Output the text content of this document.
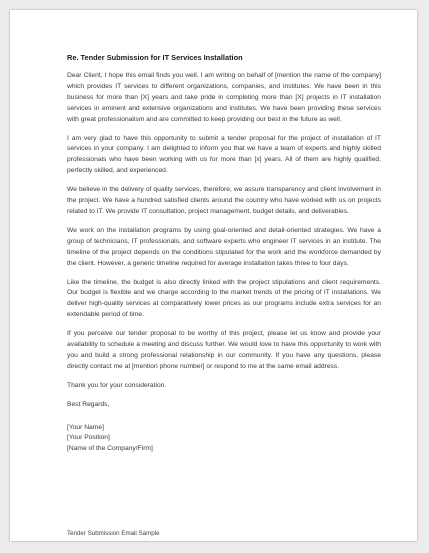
Re. Tender Submission for IT Services Installation

Dear Client, I hope this email finds you well. I am writing on behalf of [mention the name of the company] which provides IT services to different organizations, companies, and institutes. We have been in this business for more than [X] years and take pride in completing more than [X] projects in IT installation services in eminent and extensive organizations and institutes. We have been providing these services with great professionalism and are committed to keep providing our best in the future as well.

I am very glad to have this opportunity to submit a tender proposal for the project of installation of IT services in your company. I am delighted to inform you that we have a team of experts and highly skilled professionals who have been working with us for more than [x] years. All of them are highly qualified, perfectly skilled, and experienced.

We believe in the delivery of quality services, therefore, we assure transparency and client involvement in the project. We have a hundred satisfied clients around the country who have worked with us on projects related to IT. We provide IT consultation, project management, budget details, and deliverables.

We work on the installation programs by using goal-oriented and detail-oriented strategies. We have a group of technicians, IT professionals, and software experts who engineer IT services in an institute. The timeline of the project depends on the conditions stipulated for the work and the workforce demanded by the client. However, a generic timeline required for average installation takes three to four days.

Like the timeline, the budget is also directly linked with the project stipulations and client requirements. Our budget is flexible and we charge according to the market trends of the pricing of IT installations. We deliver high-quality services at comparatively lower prices as our programs include extra services for an extendable period of time.

If you perceive our tender proposal to be worthy of this project, please let us know and provide your availability to schedule a meeting and discuss further. We would love to have this opportunity to work with you and build a strong professional relationship in our community. If you have any questions, please directly contact me at [mention phone number] or respond to me at the same email address.

Thank you for your consideration.

Best Regards,

[Your Name]
[Your Position]
[Name of the Company/Firm]
Tender Submission Email Sample
